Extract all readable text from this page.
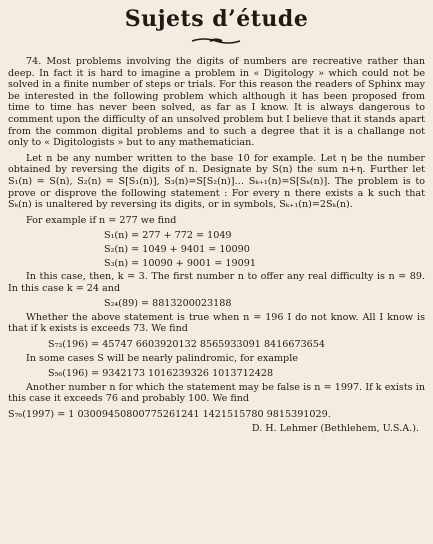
Sujets d’étude

74. Most problems involving the digits of numbers are recreative rather than deep. In fact it is hard to imagine a problem in « Digitology » which could not be solved in a finite number of steps or trials. For this reason the readers of Sphinx may be interested in the following problem which although it has been proposed from time to time has never been solved, as far as I know. It is always dangerous to comment upon the difficulty of an unsolved problem but I believe that it stands apart from the common digital problems and to such a degree that it is a challange not only to « Digitologists » but to any mathematician.

Let n be any number written to the base 10 for example. Let η be the number obtained by reversing the digits of n. Designate by S(n) the sum n+η. Further let S₁(n) = S(n), S₂(n) = S[S₁(n)], S₃(n)=S[S₂(n)]… Sₖ₊₁(n)=S[Sₖ(n)]. The problem is to prove or disprove the following statement : For every n there exists a k such that Sₖ(n) is unaltered by reversing its digits, or in symbols, Sₖ₊₁(n)=2Sₖ(n).

For example if n = 277 we find

S₁(n) = 277 + 772 = 1049
S₂(n) = 1049 + 9401 = 10090
S₃(n) = 10090 + 9001 = 19091

In this case, then, k = 3. The first number n to offer any real difficulty is n = 89. In this case k = 24 and

S₂₄(89) = 8813200023188

Whether the above statement is true when n = 196 I do not know. All I know is that if k exists is exceeds 73. We find

S₇₃(196) = 45747 6603920132 8565933091 8416673654

In some cases S will be nearly palindromic, for example

S₅₆(196) = 9342173 1016239326 1013712428

Another number n for which the statement may be false is n = 1997. If k exists in this case it exceeds 76 and probably 100. We find

S₇₆(1997) = 1 0300945080077526124​1 1421515780 9815391029.

D. H. Lehmer (Bethlehem, U.S.A.).
